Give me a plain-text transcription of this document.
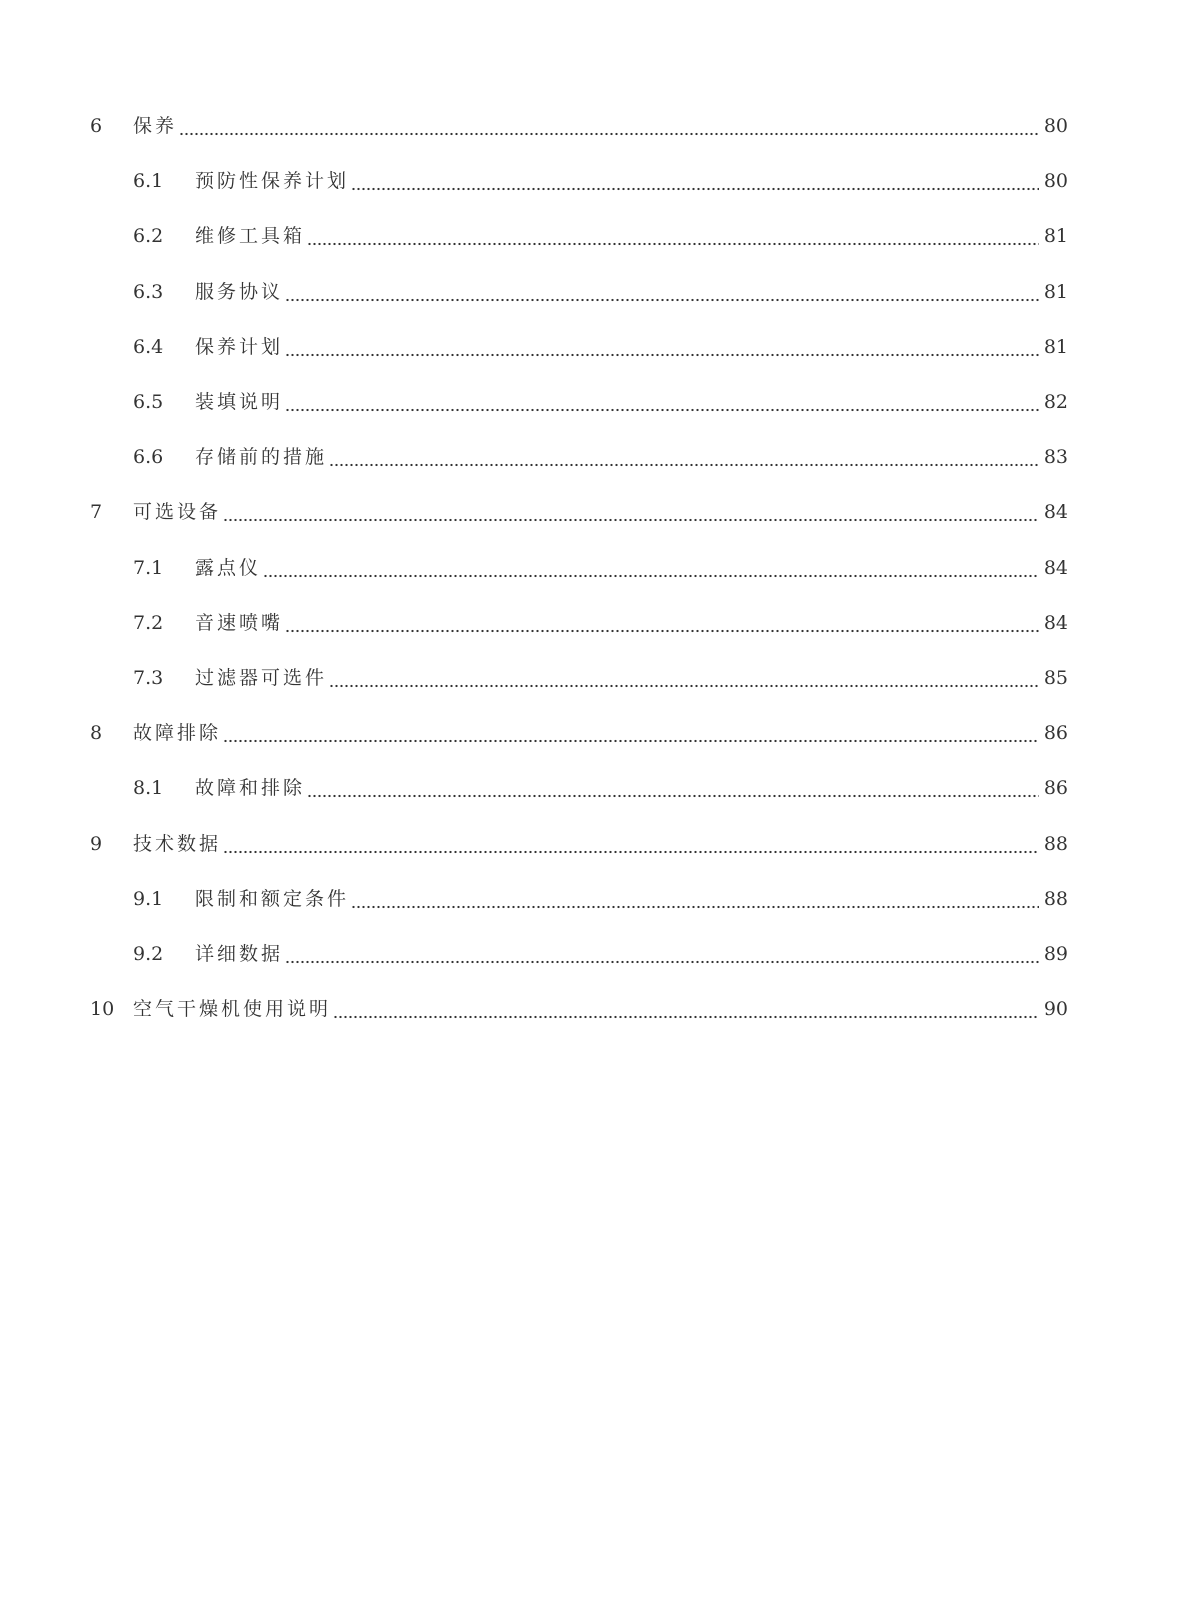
6 保养	80
6.1 预防性保养计划	80
6.2 维修工具箱	81
6.3 服务协议	81
6.4 保养计划	81
6.5 装填说明	82
6.6 存储前的措施	83
7 可选设备	84
7.1 露点仪	84
7.2 音速喷嘴	84
7.3 过滤器可选件	85
8 故障排除	86
8.1 故障和排除	86
9 技术数据	88
9.1 限制和额定条件	88
9.2 详细数据	89
10 空气干燥机使用说明	90
